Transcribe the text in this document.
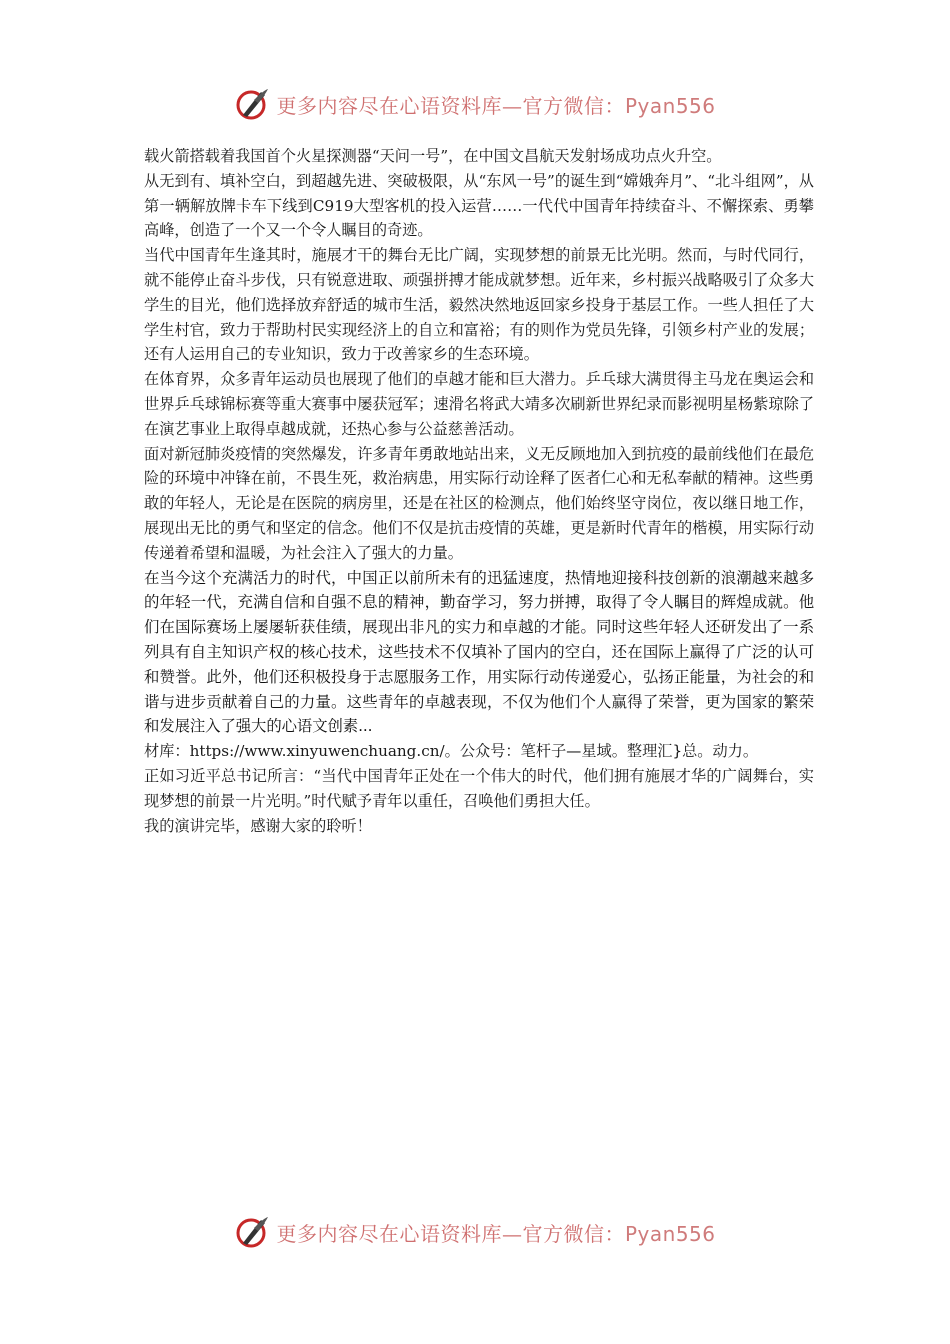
更多内容尽在心语资料库—官方微信：Pyan556

载火箭搭载着我国首个火星探测器“天问一号”，在中国文昌航天发射场成功点火升空。

从无到有、填补空白，到超越先进、突破极限，从“东风一号”的诞生到“嫦娥奔月”、“北斗组网”，从第一辆解放牌卡车下线到C919大型客机的投入运营……一代代中国青年持续奋斗、不懈探索、勇攀高峰，创造了一个又一个令人瞩目的奇迹。

当代中国青年生逢其时，施展才干的舞台无比广阔，实现梦想的前景无比光明。然而，与时代同行，就不能停止奋斗步伐，只有锐意进取、顽强拼搏才能成就梦想。近年来，乡村振兴战略吸引了众多大学生的目光，他们选择放弃舒适的城市生活，毅然决然地返回家乡投身于基层工作。一些人担任了大学生村官，致力于帮助村民实现经济上的自立和富裕；有的则作为党员先锋，引领乡村产业的发展；还有人运用自己的专业知识，致力于改善家乡的生态环境。

在体育界，众多青年运动员也展现了他们的卓越才能和巨大潜力。乒乓球大满贯得主马龙在奥运会和世界乒乓球锦标赛等重大赛事中屡获冠军；速滑名将武大靖多次刷新世界纪录而影视明星杨紫琼除了在演艺事业上取得卓越成就，还热心参与公益慈善活动。

面对新冠肺炎疫情的突然爆发，许多青年勇敢地站出来，义无反顾地加入到抗疫的最前线他们在最危险的环境中冲锋在前，不畏生死，救治病患，用实际行动诠释了医者仁心和无私奉献的精神。这些勇敢的年轻人，无论是在医院的病房里，还是在社区的检测点，他们始终坚守岗位，夜以继日地工作，展现出无比的勇气和坚定的信念。他们不仅是抗击疫情的英雄，更是新时代青年的楷模，用实际行动传递着希望和温暖，为社会注入了强大的力量。

在当今这个充满活力的时代，中国正以前所未有的迅猛速度，热情地迎接科技创新的浪潮越来越多的年轻一代，充满自信和自强不息的精神，勤奋学习，努力拼搏，取得了令人瞩目的辉煌成就。他们在国际赛场上屡屡斩获佳绩，展现出非凡的实力和卓越的才能。同时这些年轻人还研发出了一系列具有自主知识产权的核心技术，这些技术不仅填补了国内的空白，还在国际上赢得了广泛的认可和赞誉。此外，他们还积极投身于志愿服务工作，用实际行动传递爱心，弘扬正能量，为社会的和谐与进步贡献着自己的力量。这些青年的卓越表现，不仅为他们个人赢得了荣誉，更为国家的繁荣和发展注入了强大的心语文创素...

材库：https://www.xinyuwenchuang.cn/。公众号：笔杆子—星域。整理汇}总。动力。

正如习近平总书记所言：“当代中国青年正处在一个伟大的时代，他们拥有施展才华的广阔舞台，实现梦想的前景一片光明。”时代赋予青年以重任，召唤他们勇担大任。

我的演讲完毕，感谢大家的聆听！

更多内容尽在心语资料库—官方微信：Pyan556
